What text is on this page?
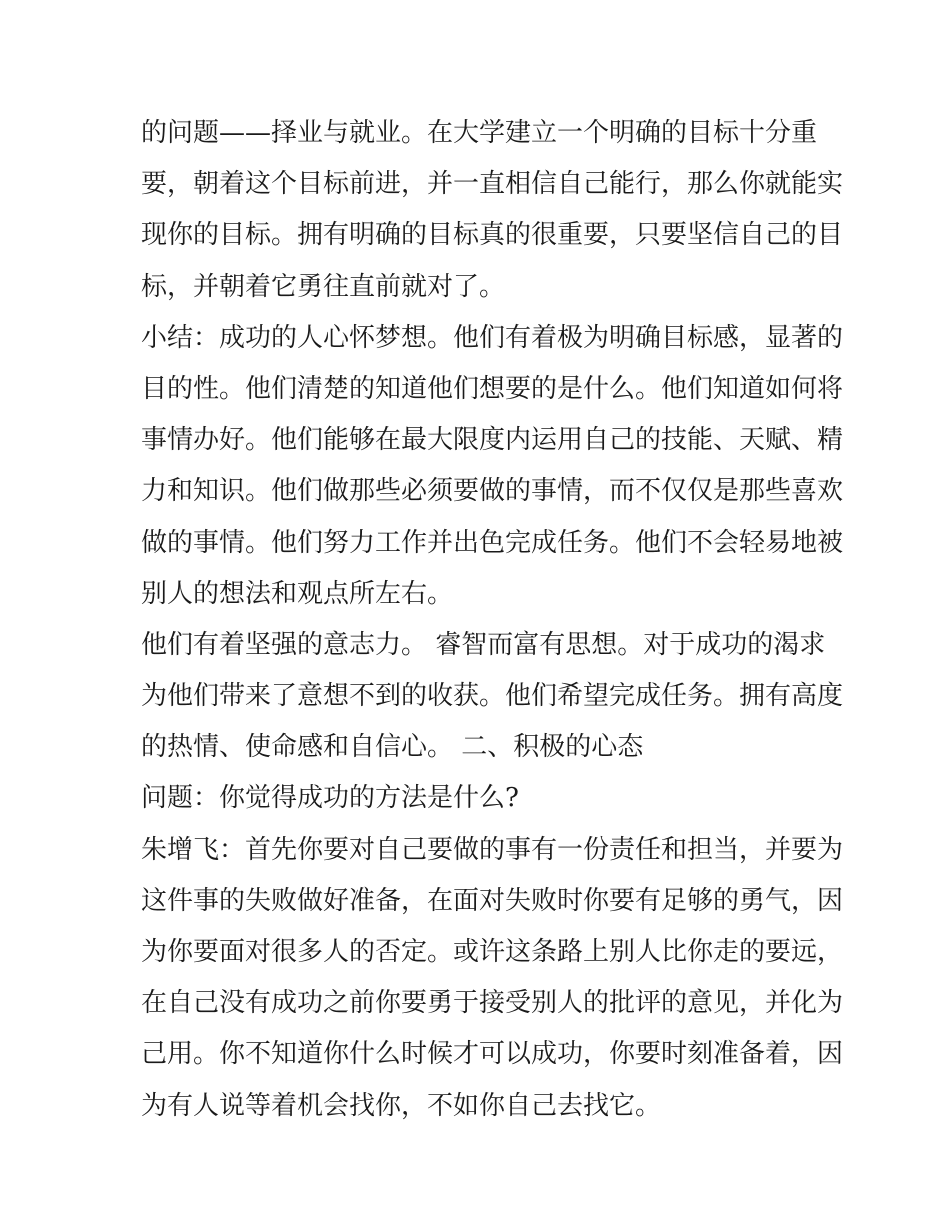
的问题——择业与就业。在大学建立一个明确的目标十分重
要，朝着这个目标前进，并一直相信自己能行，那么你就能实
现你的目标。拥有明确的目标真的很重要，只要坚信自己的目
标，并朝着它勇往直前就对了。
小结：成功的人心怀梦想。他们有着极为明确目标感，显著的
目的性。他们清楚的知道他们想要的是什么。他们知道如何将
事情办好。他们能够在最大限度内运用自己的技能、天赋、精
力和知识。他们做那些必须要做的事情，而不仅仅是那些喜欢
做的事情。他们努力工作并出色完成任务。他们不会轻易地被
别人的想法和观点所左右。
他们有着坚强的意志力。 睿智而富有思想。对于成功的渴求
为他们带来了意想不到的收获。他们希望完成任务。拥有高度
的热情、使命感和自信心。 二、积极的心态
问题：你觉得成功的方法是什么?
朱增飞：首先你要对自己要做的事有一份责任和担当，并要为
这件事的失败做好准备，在面对失败时你要有足够的勇气，因
为你要面对很多人的否定。或许这条路上别人比你走的要远，
在自己没有成功之前你要勇于接受别人的批评的意见，并化为
己用。你不知道你什么时候才可以成功，你要时刻准备着，因
为有人说等着机会找你，不如你自己去找它。
